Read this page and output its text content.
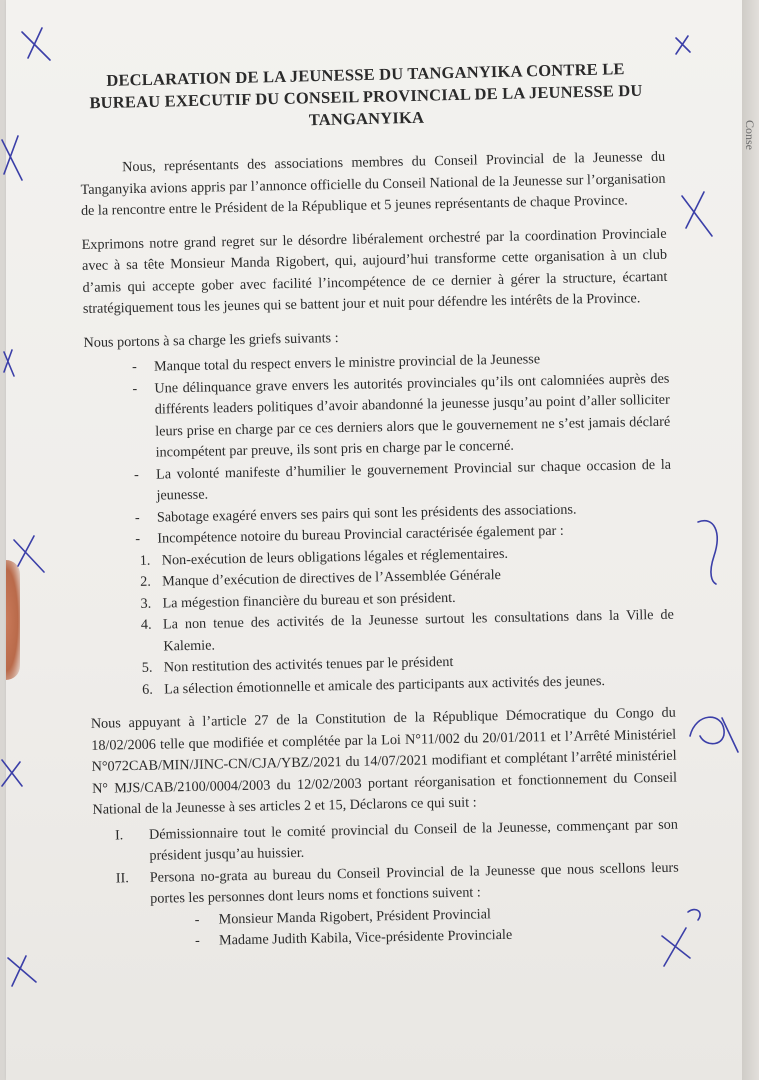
DECLARATION DE LA JEUNESSE DU TANGANYIKA CONTRE LE BUREAU EXECUTIF DU CONSEIL PROVINCIAL DE LA JEUNESSE DU TANGANYIKA

Nous, représentants des associations membres du Conseil Provincial de la Jeunesse du Tanganyika avions appris par l’annonce officielle du Conseil National de la Jeunesse sur l’organisation de la rencontre entre le Président de la République et 5 jeunes représentants de chaque Province.

Exprimons notre grand regret sur le désordre libéralement orchestré par la coordination Provinciale avec à sa tête Monsieur Manda Rigobert, qui, aujourd’hui transforme cette organisation à un club d’amis qui accepte gober avec facilité l’incompétence de ce dernier à gérer la structure, écartant stratégiquement tous les jeunes qui se battent jour et nuit pour défendre les intérêts de la Province.

Nous portons à sa charge les griefs suivants :

- Manque total du respect envers le ministre provincial de la Jeunesse

- Une délinquance grave envers les autorités provinciales qu’ils ont calomniées auprès des différents leaders politiques d’avoir abandonné la jeunesse jusqu’au point d’aller solliciter leurs prise en charge par ce ces derniers alors que le gouvernement ne s’est jamais déclaré incompétent par preuve, ils sont pris en charge par le concerné.

- La volonté manifeste d’humilier le gouvernement Provincial sur chaque occasion de la jeunesse.

- Sabotage exagéré envers ses pairs qui sont les présidents des associations.

- Incompétence notoire du bureau Provincial caractérisée également par :

1. Non-exécution de leurs obligations légales et réglementaires.

2. Manque d’exécution de directives de l’Assemblée Générale

3. La mégestion financière du bureau et son président.

4. La non tenue des activités de la Jeunesse surtout les consultations dans la Ville de Kalemie.

5. Non restitution des activités tenues par le président

6. La sélection émotionnelle et amicale des participants aux activités des jeunes.

Nous appuyant à l’article 27 de la Constitution de la République Démocratique du Congo du 18/02/2006 telle que modifiée et complétée par la Loi N°11/002 du 20/01/2011 et l’Arrêté Ministériel N°072CAB/MIN/JINC-CN/CJA/YBZ/2021 du 14/07/2021 modifiant et complétant l’arrêté ministériel N° MJS/CAB/2100/0004/2003 du 12/02/2003 portant réorganisation et fonctionnement du Conseil National de la Jeunesse à ses articles 2 et 15, Déclarons ce qui suit :

I. Démissionnaire tout le comité provincial du Conseil de la Jeunesse, commençant par son président jusqu’au huissier.

II. Persona no-grata au bureau du Conseil Provincial de la Jeunesse que nous scellons leurs portes les personnes dont leurs noms et fonctions suivent :

- Monsieur Manda Rigobert, Président Provincial

- Madame Judith Kabila, Vice-présidente Provinciale

Conse
